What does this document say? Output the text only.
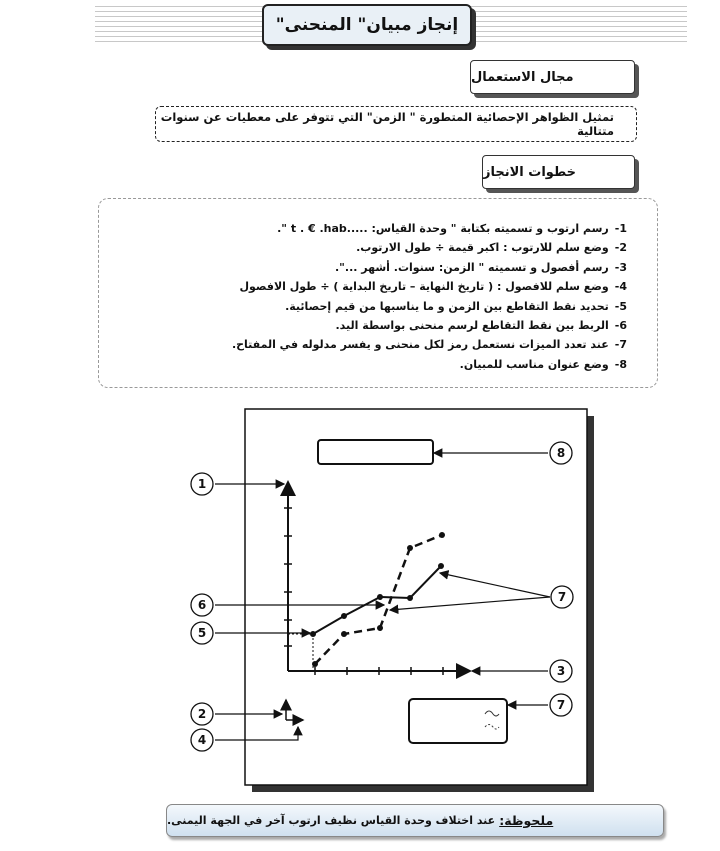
إنجاز مبيان" المنحنى"
مجال الاستعمال
تمثيل الظواهر الإحصائية المتطورة " الزمن" التي تتوفر على معطيات عن سنوات متتالية
خطوات الانجاز
1-رسم ارتوب و تسميته بكتابة " وحدة القياس: .....t . € .hab ".
2-وضع سلم للارتوب : اكبر قيمة ÷ طول الارتوب.
3-رسم أفصول و تسميته " الزمن: سنوات. أشهر ...".
4-وضع سلم للافصول : ( تاريخ النهاية – تاريخ البداية ) ÷ طول الافصول
5-تحديد نقط التقاطع بين الزمن و ما يناسبها من قيم إحصائية.
6-الربط بين نقط التقاطع لرسم منحنى بواسطة اليد.
7-عند تعدد الميزات نستعمل رمز لكل منحنى و يفسر مدلوله في المفتاح.
8-وضع عنوان مناسب للمبيان.
1
2
3
4
5
6
7
7
8
ملحوظة:
عند اختلاف وحدة القياس نظيف ارتوب آخر في الجهة اليمنى.
